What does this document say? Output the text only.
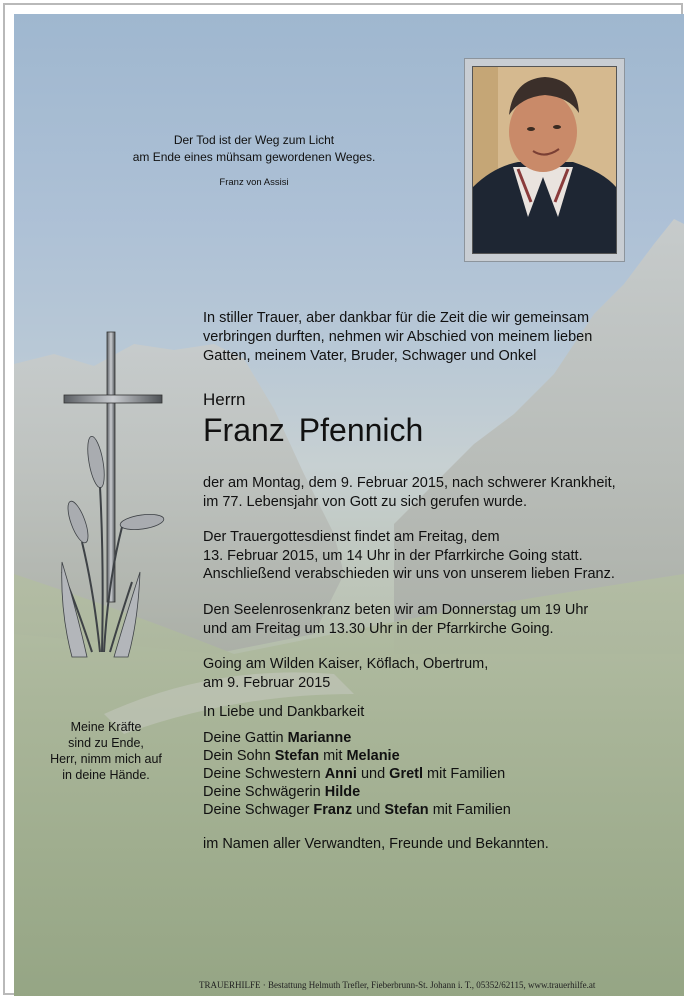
Der Tod ist der Weg zum Licht
am Ende eines mühsam gewordenen Weges.
Franz von Assisi
In stiller Trauer, aber dankbar für die Zeit die wir gemeinsam
verbringen durften, nehmen wir Abschied von meinem lieben
Gatten, meinem Vater, Bruder, Schwager und Onkel
Herrn
Franz Pfennich
der am Montag, dem 9. Februar 2015, nach schwerer Krankheit,
im 77. Lebensjahr von Gott zu sich gerufen wurde.
Der Trauergottesdienst findet am Freitag, dem
13. Februar 2015, um 14 Uhr in der Pfarrkirche Going statt.
Anschließend verabschieden wir uns von unserem lieben Franz.
Den Seelenrosenkranz beten wir am Donnerstag um 19 Uhr
und am Freitag um 13.30 Uhr in der Pfarrkirche Going.
Going am Wilden Kaiser, Köflach, Obertrum,
am 9. Februar 2015
In Liebe und Dankbarkeit
Deine Gattin Marianne
Dein Sohn Stefan mit Melanie
Deine Schwestern Anni und Gretl mit Familien
Deine Schwägerin Hilde
Deine Schwager Franz und Stefan mit Familien
im Namen aller Verwandten, Freunde und Bekannten.
Meine Kräfte
sind zu Ende,
Herr, nimm mich auf
in deine Hände.
TRAUERHILFE · Bestattung Helmuth Trefler, Fieberbrunn-St. Johann i. T., 05352/62115, www.trauerhilfe.at
